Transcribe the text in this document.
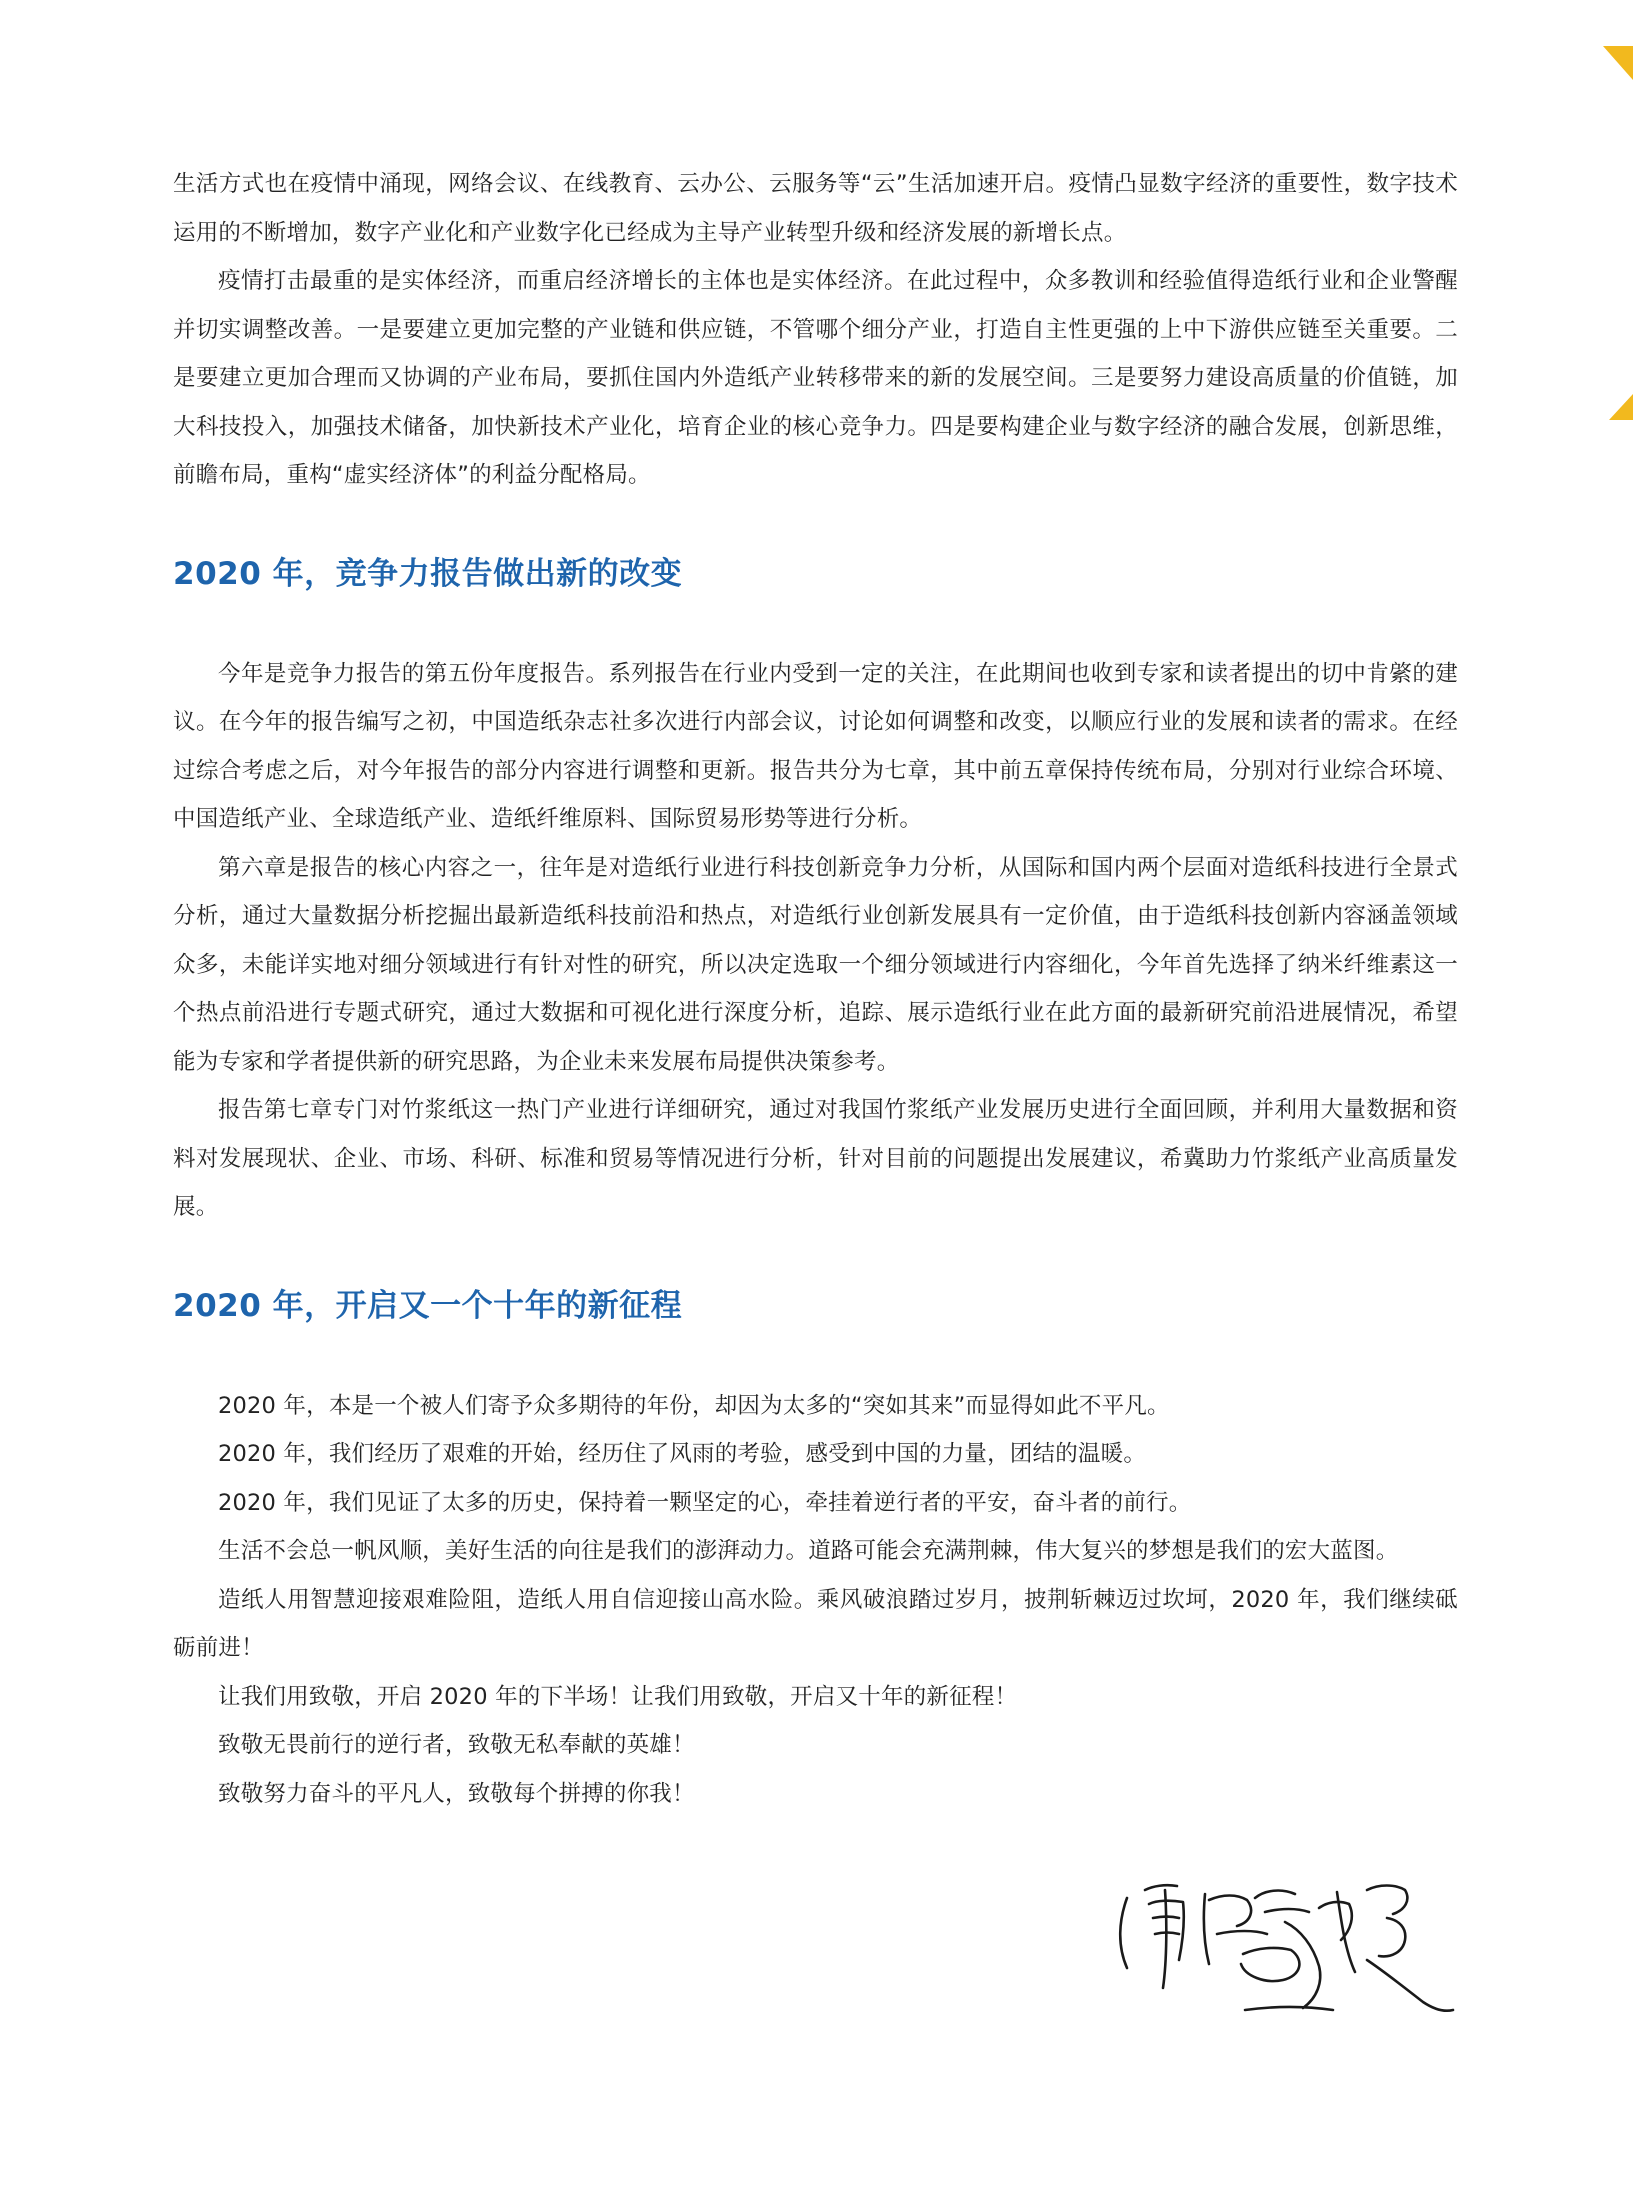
生活方式也在疫情中涌现，网络会议、在线教育、云办公、云服务等“云”生活加速开启。疫情凸显数字经济的重要性，数字技术运用的不断增加，数字产业化和产业数字化已经成为主导产业转型升级和经济发展的新增长点。

疫情打击最重的是实体经济，而重启经济增长的主体也是实体经济。在此过程中，众多教训和经验值得造纸行业和企业警醒并切实调整改善。一是要建立更加完整的产业链和供应链，不管哪个细分产业，打造自主性更强的上中下游供应链至关重要。二是要建立更加合理而又协调的产业布局，要抓住国内外造纸产业转移带来的新的发展空间。三是要努力建设高质量的价值链，加大科技投入，加强技术储备，加快新技术产业化，培育企业的核心竞争力。四是要构建企业与数字经济的融合发展，创新思维，前瞻布局，重构“虚实经济体”的利益分配格局。

2020 年，竞争力报告做出新的改变

今年是竞争力报告的第五份年度报告。系列报告在行业内受到一定的关注，在此期间也收到专家和读者提出的切中肯綮的建议。在今年的报告编写之初，中国造纸杂志社多次进行内部会议，讨论如何调整和改变，以顺应行业的发展和读者的需求。在经过综合考虑之后，对今年报告的部分内容进行调整和更新。报告共分为七章，其中前五章保持传统布局，分别对行业综合环境、中国造纸产业、全球造纸产业、造纸纤维原料、国际贸易形势等进行分析。

第六章是报告的核心内容之一，往年是对造纸行业进行科技创新竞争力分析，从国际和国内两个层面对造纸科技进行全景式分析，通过大量数据分析挖掘出最新造纸科技前沿和热点，对造纸行业创新发展具有一定价值，由于造纸科技创新内容涵盖领域众多，未能详实地对细分领域进行有针对性的研究，所以决定选取一个细分领域进行内容细化，今年首先选择了纳米纤维素这一个热点前沿进行专题式研究，通过大数据和可视化进行深度分析，追踪、展示造纸行业在此方面的最新研究前沿进展情况，希望能为专家和学者提供新的研究思路，为企业未来发展布局提供决策参考。

报告第七章专门对竹浆纸这一热门产业进行详细研究，通过对我国竹浆纸产业发展历史进行全面回顾，并利用大量数据和资料对发展现状、企业、市场、科研、标准和贸易等情况进行分析，针对目前的问题提出发展建议，希冀助力竹浆纸产业高质量发展。

2020 年，开启又一个十年的新征程

2020 年，本是一个被人们寄予众多期待的年份，却因为太多的“突如其来”而显得如此不平凡。

2020 年，我们经历了艰难的开始，经历住了风雨的考验，感受到中国的力量，团结的温暖。

2020 年，我们见证了太多的历史，保持着一颗坚定的心，牵挂着逆行者的平安，奋斗者的前行。

生活不会总一帆风顺，美好生活的向往是我们的澎湃动力。道路可能会充满荆棘，伟大复兴的梦想是我们的宏大蓝图。

造纸人用智慧迎接艰难险阻，造纸人用自信迎接山高水险。乘风破浪踏过岁月，披荆斩棘迈过坎坷，2020 年，我们继续砥砺前进！

让我们用致敬，开启 2020 年的下半场！让我们用致敬，开启又十年的新征程！

致敬无畏前行的逆行者，致敬无私奉献的英雄！

致敬努力奋斗的平凡人，致敬每个拼搏的你我！
